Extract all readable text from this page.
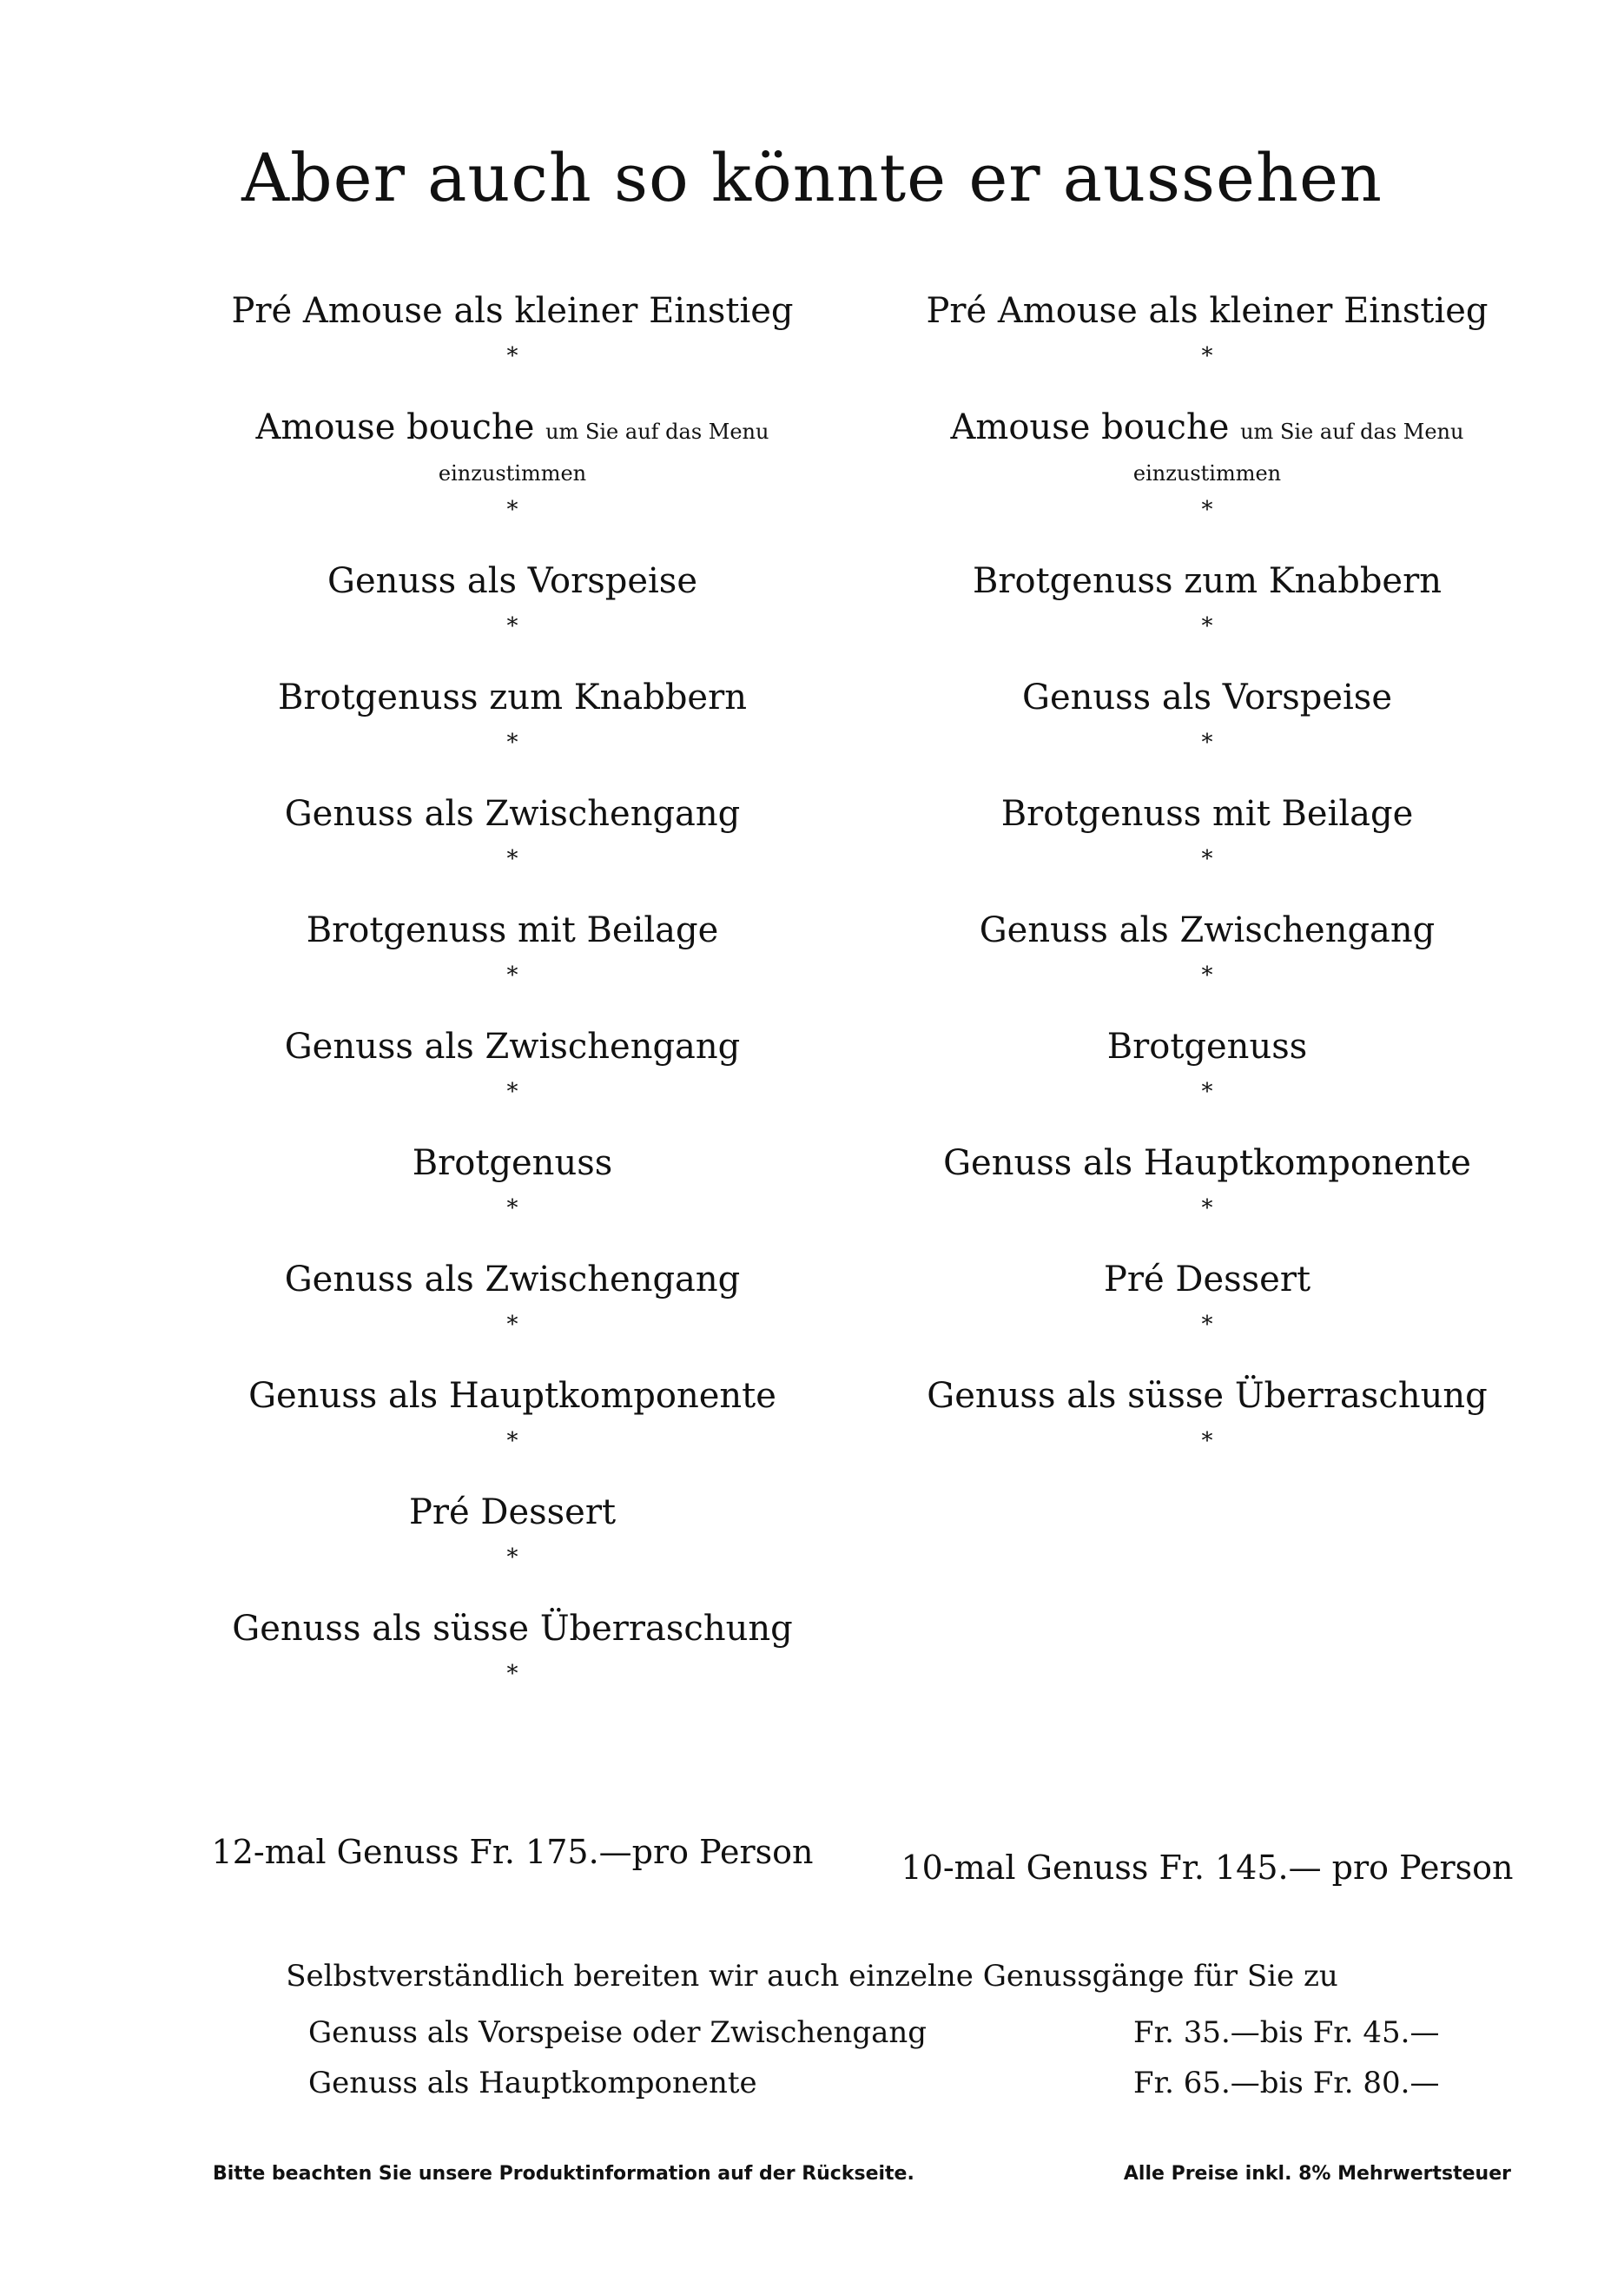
Aber auch so könnte er aussehen
Pré Amouse als kleiner Einstieg
*
Amouse bouche um Sie auf das Menu
einzustimmen
*
Genuss als Vorspeise
*
Brotgenuss zum Knabbern
*
Genuss als Zwischengang
*
Brotgenuss mit Beilage
*
Genuss als Zwischengang
*
Brotgenuss
*
Genuss als Zwischengang
*
Genuss als Hauptkomponente
*
Pré Dessert
*
Genuss als süsse Überraschung
*
Pré Amouse als kleiner Einstieg
*
Amouse bouche um Sie auf das Menu
einzustimmen
*
Brotgenuss zum Knabbern
*
Genuss als Vorspeise
*
Brotgenuss mit Beilage
*
Genuss als Zwischengang
*
Brotgenuss
*
Genuss als Hauptkomponente
*
Pré Dessert
*
Genuss als süsse Überraschung
*
12-mal Genuss Fr. 175.—pro Person	10-mal Genuss Fr. 145.— pro Person
Selbstverständlich bereiten wir auch einzelne Genussgänge für Sie zu
Genuss als Vorspeise oder Zwischengang	Fr. 35.—bis Fr. 45.—
Genuss als Hauptkomponente	Fr. 65.—bis Fr. 80.—
Bitte beachten Sie unsere Produktinformation auf der Rückseite.	Alle Preise inkl. 8% Mehrwertsteuer
